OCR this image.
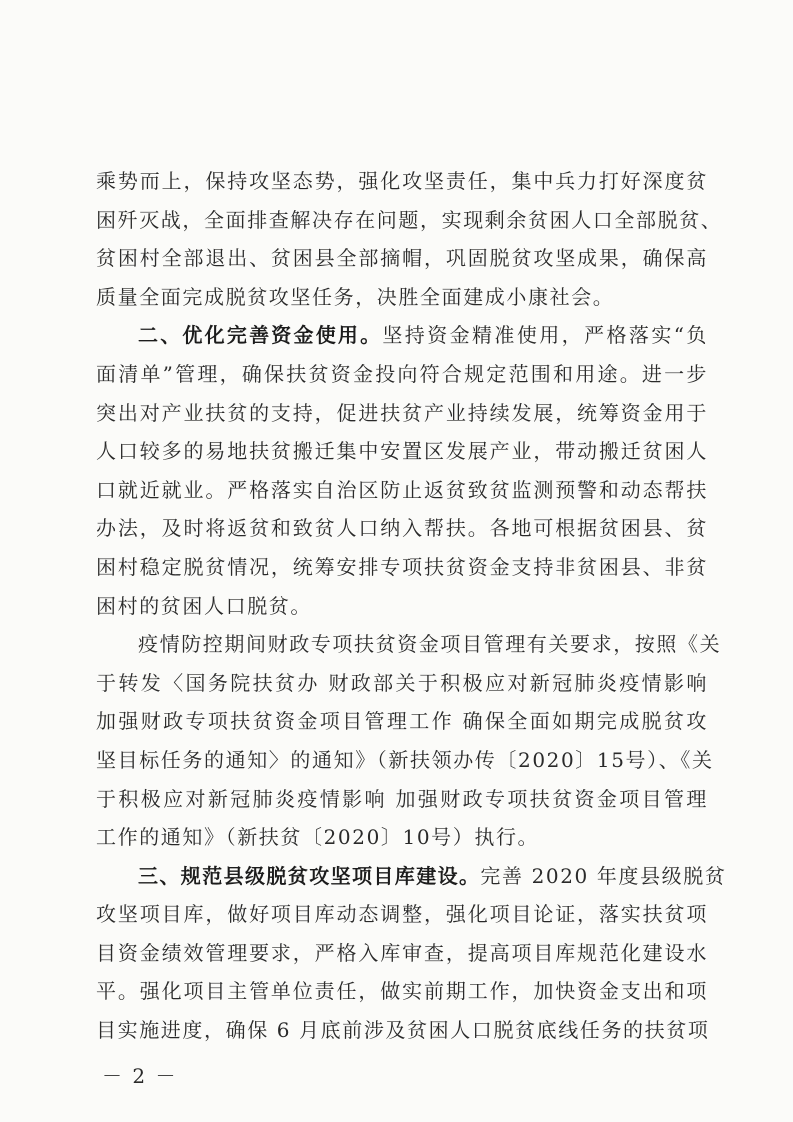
乘势而上，保持攻坚态势，强化攻坚责任，集中兵力打好深度贫
困歼灭战，全面排查解决存在问题，实现剩余贫困人口全部脱贫、
贫困村全部退出、贫困县全部摘帽，巩固脱贫攻坚成果，确保高
质量全面完成脱贫攻坚任务，决胜全面建成小康社会。
二、优化完善资金使用。坚持资金精准使用，严格落实“负
面清单”管理，确保扶贫资金投向符合规定范围和用途。进一步
突出对产业扶贫的支持，促进扶贫产业持续发展，统筹资金用于
人口较多的易地扶贫搬迁集中安置区发展产业，带动搬迁贫困人
口就近就业。严格落实自治区防止返贫致贫监测预警和动态帮扶
办法，及时将返贫和致贫人口纳入帮扶。各地可根据贫困县、贫
困村稳定脱贫情况，统筹安排专项扶贫资金支持非贫困县、非贫
困村的贫困人口脱贫。
疫情防控期间财政专项扶贫资金项目管理有关要求，按照《关
于转发〈国务院扶贫办 财政部关于积极应对新冠肺炎疫情影响
加强财政专项扶贫资金项目管理工作 确保全面如期完成脱贫攻
坚目标任务的通知〉的通知》（新扶领办传〔2020〕15号）、《关
于积极应对新冠肺炎疫情影响 加强财政专项扶贫资金项目管理
工作的通知》（新扶贫〔2020〕10号）执行。
三、规范县级脱贫攻坚项目库建设。完善 2020 年度县级脱贫
攻坚项目库，做好项目库动态调整，强化项目论证，落实扶贫项
目资金绩效管理要求，严格入库审查，提高项目库规范化建设水
平。强化项目主管单位责任，做实前期工作，加快资金支出和项
目实施进度，确保 6 月底前涉及贫困人口脱贫底线任务的扶贫项
－ 2 －
